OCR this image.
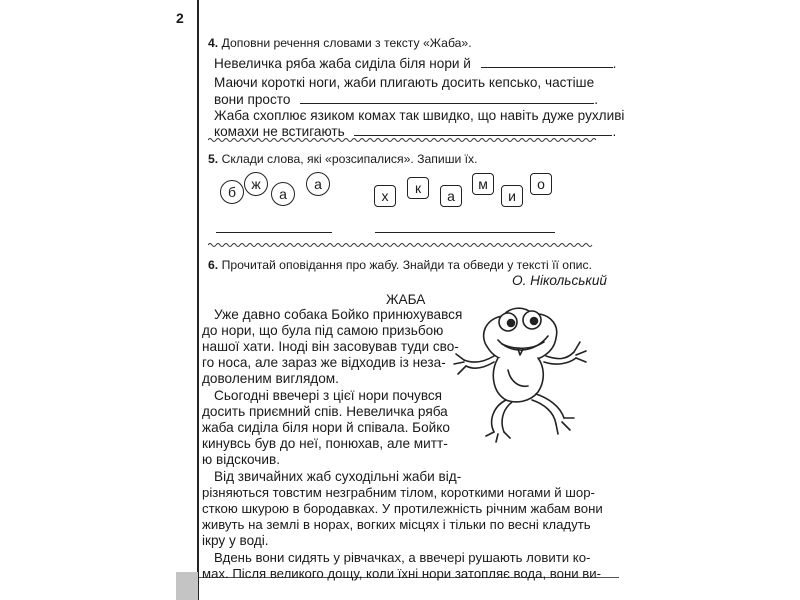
2
4. Доповни речення словами з тексту «Жаба».
Невеличка ряба жаба сиділа біля нори й	.
Маючи короткі ноги, жаби плигають досить кепсько, частіше
вони просто	.
Жаба схоплює язиком комах так швидко, що навіть дуже рухливі
комахи не встигають	.
5. Склади слова, які «розсипалися». Запиши їх.
б	ж
а
а
х	к	а
м
и
о
6. Прочитай оповідання про жабу. Знайди та обведи у тексті її опис.
О. Нікольський
ЖАБА
Уже давно собака Бойко принюхувався
до нори, що була під самою призьбою
нашої хати. Іноді він засовував туди сво-
го носа, але зараз же відходив із неза-
доволеним виглядом.
Сьогодні ввечері з цієї нори почувся
досить приємний спів. Невеличка ряба
жаба сиділа біля нори й співала. Бойко
кинувсь був до неї, понюхав, але митт-
ю відскочив.
Від звичайних жаб суходільні жаби від-
різняються товстим незграбним тілом, короткими ногами й шор-
сткою шкурою в бородавках. У протилежність річним жабам вони
живуть на землі в норах, вогких місцях і тільки по весні кладуть
ікру у воді.
Вдень вони сидять у рівчачках, а ввечері рушають ловити ко-
мах. Після великого дощу, коли їхні нори затопляє вода, вони ви-
